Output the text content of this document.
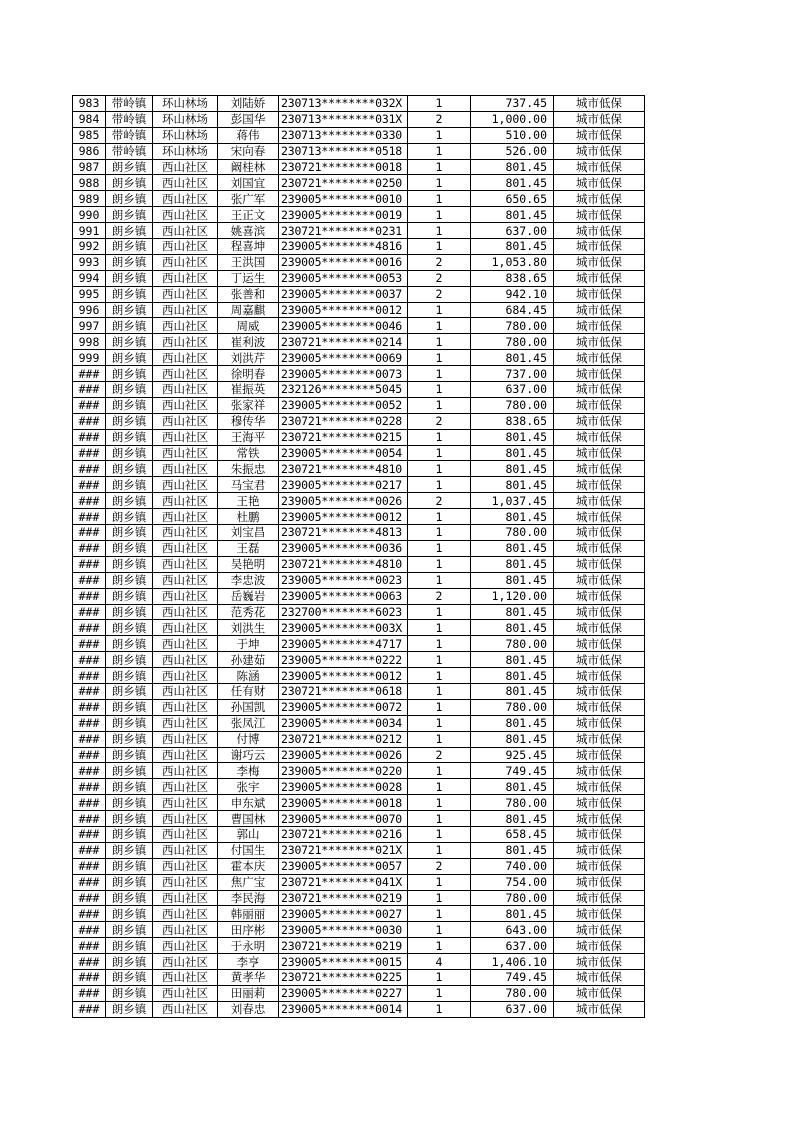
983	带岭镇	环山林场	刘陆娇	230713********032X	1	737.45	城市低保
984	带岭镇	环山林场	彭国华	230713********031X	2	1,000.00	城市低保
985	带岭镇	环山林场	蒋伟	230713********0330	1	510.00	城市低保
986	带岭镇	环山林场	宋向春	230713********0518	1	526.00	城市低保
987	朗乡镇	西山社区	阚桂林	230721********0018	1	801.45	城市低保
988	朗乡镇	西山社区	刘国宜	230721********0250	1	801.45	城市低保
989	朗乡镇	西山社区	张广军	239005********0010	1	650.65	城市低保
990	朗乡镇	西山社区	王正文	239005********0019	1	801.45	城市低保
991	朗乡镇	西山社区	姚喜滨	230721********0231	1	637.00	城市低保
992	朗乡镇	西山社区	程喜坤	239005********4816	1	801.45	城市低保
993	朗乡镇	西山社区	王洪国	239005********0016	2	1,053.80	城市低保
994	朗乡镇	西山社区	丁运生	239005********0053	2	838.65	城市低保
995	朗乡镇	西山社区	张善和	239005********0037	2	942.10	城市低保
996	朗乡镇	西山社区	周嘉麒	239005********0012	1	684.45	城市低保
997	朗乡镇	西山社区	周威	239005********0046	1	780.00	城市低保
998	朗乡镇	西山社区	崔利波	230721********0214	1	780.00	城市低保
999	朗乡镇	西山社区	刘洪芹	239005********0069	1	801.45	城市低保
###	朗乡镇	西山社区	徐明春	239005********0073	1	737.00	城市低保
###	朗乡镇	西山社区	崔振英	232126********5045	1	637.00	城市低保
###	朗乡镇	西山社区	张家祥	239005********0052	1	780.00	城市低保
###	朗乡镇	西山社区	穆传华	230721********0228	2	838.65	城市低保
###	朗乡镇	西山社区	王海平	230721********0215	1	801.45	城市低保
###	朗乡镇	西山社区	常铁	239005********0054	1	801.45	城市低保
###	朗乡镇	西山社区	朱振忠	230721********4810	1	801.45	城市低保
###	朗乡镇	西山社区	马宝君	239005********0217	1	801.45	城市低保
###	朗乡镇	西山社区	王艳	239005********0026	2	1,037.45	城市低保
###	朗乡镇	西山社区	杜鹏	239005********0012	1	801.45	城市低保
###	朗乡镇	西山社区	刘宝昌	230721********4813	1	780.00	城市低保
###	朗乡镇	西山社区	王磊	239005********0036	1	801.45	城市低保
###	朗乡镇	西山社区	吴艳明	230721********4810	1	801.45	城市低保
###	朗乡镇	西山社区	李忠波	239005********0023	1	801.45	城市低保
###	朗乡镇	西山社区	岳巍岩	239005********0063	2	1,120.00	城市低保
###	朗乡镇	西山社区	范秀花	232700********6023	1	801.45	城市低保
###	朗乡镇	西山社区	刘洪生	239005********003X	1	801.45	城市低保
###	朗乡镇	西山社区	于坤	239005********4717	1	780.00	城市低保
###	朗乡镇	西山社区	孙建茹	239005********0222	1	801.45	城市低保
###	朗乡镇	西山社区	陈涵	239005********0012	1	801.45	城市低保
###	朗乡镇	西山社区	任有财	230721********0618	1	801.45	城市低保
###	朗乡镇	西山社区	孙国凯	239005********0072	1	780.00	城市低保
###	朗乡镇	西山社区	张凤江	239005********0034	1	801.45	城市低保
###	朗乡镇	西山社区	付博	230721********0212	1	801.45	城市低保
###	朗乡镇	西山社区	谢巧云	239005********0026	2	925.45	城市低保
###	朗乡镇	西山社区	李梅	239005********0220	1	749.45	城市低保
###	朗乡镇	西山社区	张宇	239005********0028	1	801.45	城市低保
###	朗乡镇	西山社区	申东斌	239005********0018	1	780.00	城市低保
###	朗乡镇	西山社区	曹国林	239005********0070	1	801.45	城市低保
###	朗乡镇	西山社区	郭山	230721********0216	1	658.45	城市低保
###	朗乡镇	西山社区	付国生	230721********021X	1	801.45	城市低保
###	朗乡镇	西山社区	霍本庆	239005********0057	2	740.00	城市低保
###	朗乡镇	西山社区	焦广宝	230721********041X	1	754.00	城市低保
###	朗乡镇	西山社区	李民海	230721********0219	1	780.00	城市低保
###	朗乡镇	西山社区	韩丽丽	239005********0027	1	801.45	城市低保
###	朗乡镇	西山社区	田序彬	239005********0030	1	643.00	城市低保
###	朗乡镇	西山社区	于永明	230721********0219	1	637.00	城市低保
###	朗乡镇	西山社区	李亨	239005********0015	4	1,406.10	城市低保
###	朗乡镇	西山社区	黄孝华	230721********0225	1	749.45	城市低保
###	朗乡镇	西山社区	田丽莉	239005********0227	1	780.00	城市低保
###	朗乡镇	西山社区	刘春忠	239005********0014	1	637.00	城市低保
